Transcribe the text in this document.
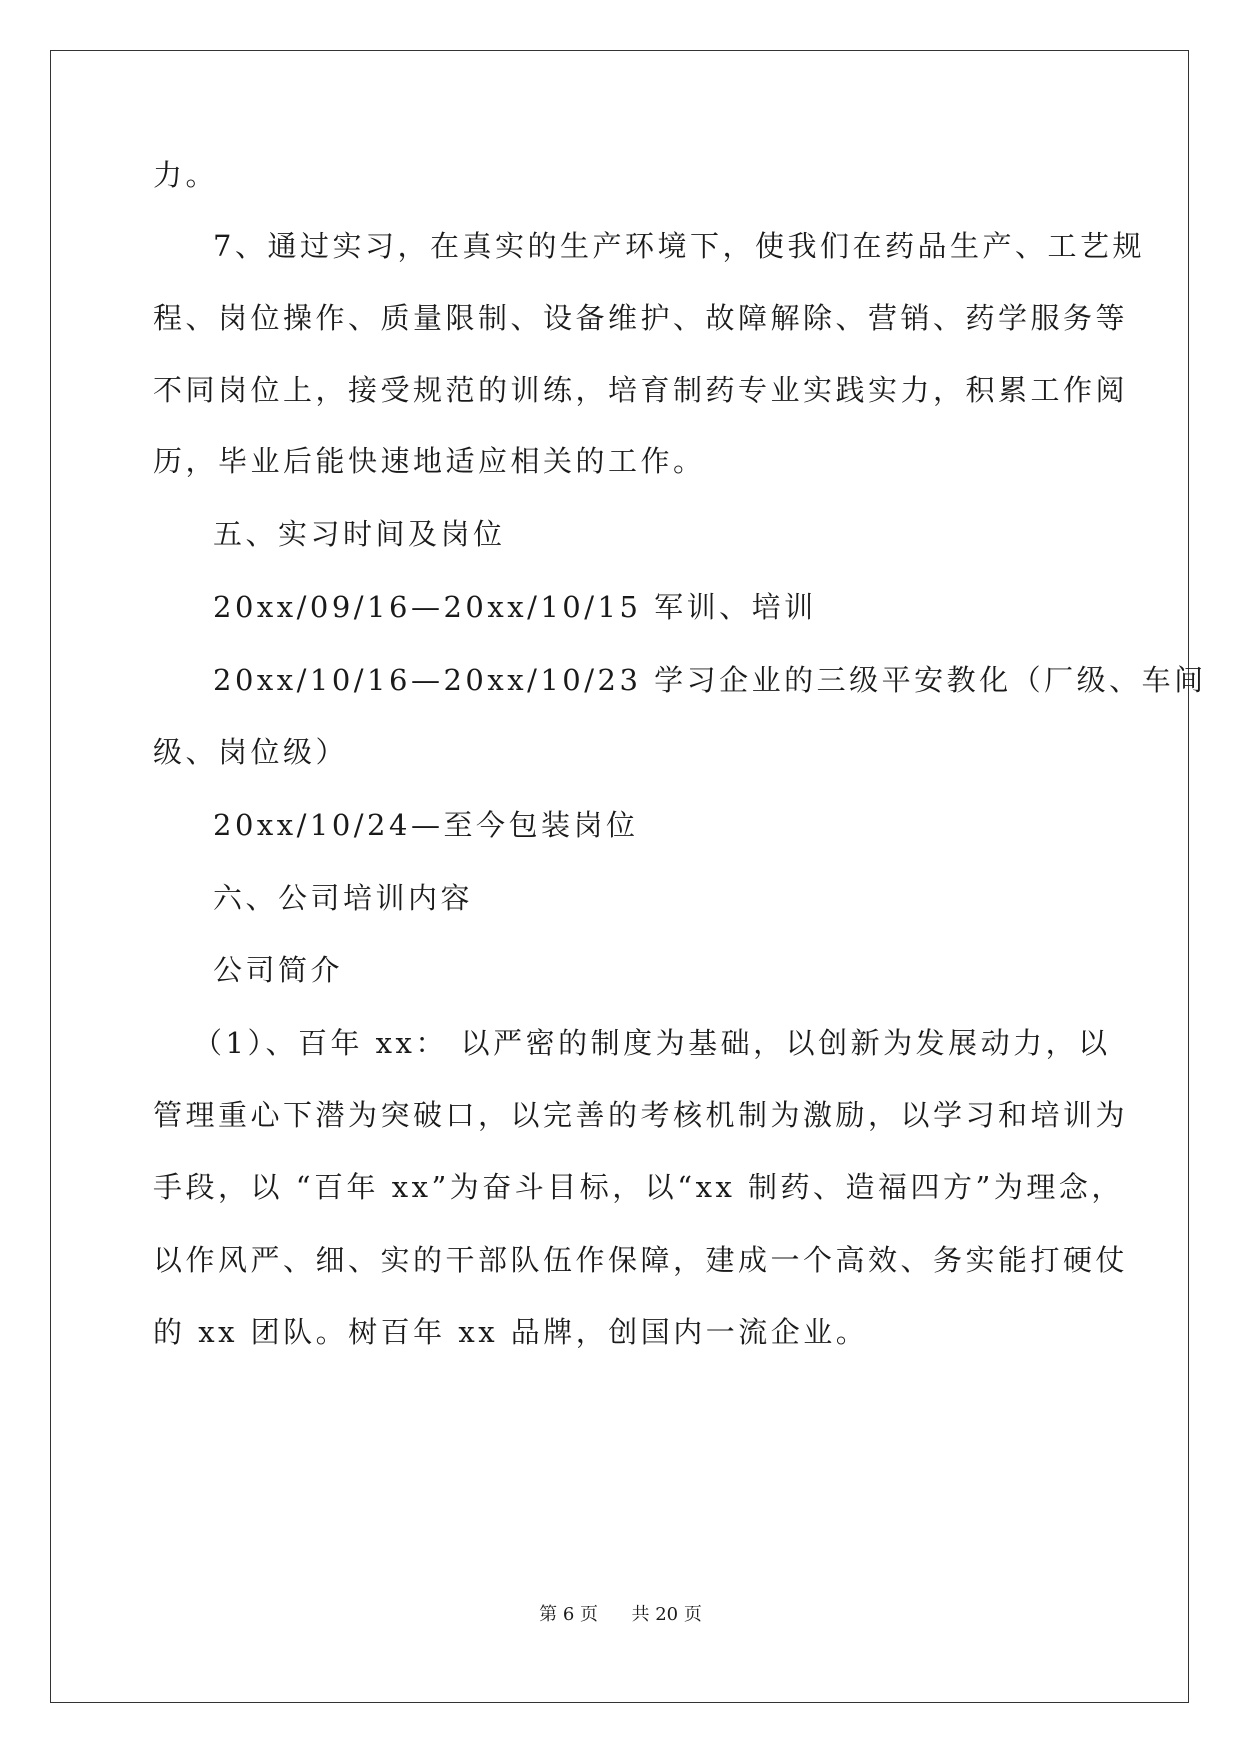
力。
7、通过实习，在真实的生产环境下，使我们在药品生产、工艺规
程、岗位操作、质量限制、设备维护、故障解除、营销、药学服务等
不同岗位上，接受规范的训练，培育制药专业实践实力，积累工作阅
历，毕业后能快速地适应相关的工作。
五、实习时间及岗位
20xx/09/16—20xx/10/15 军训、培训
20xx/10/16—20xx/10/23 学习企业的三级平安教化（厂级、车间
级、岗位级）
20xx/10/24—至今包装岗位
六、公司培训内容
公司简介
（1）、百年 xx： 以严密的制度为基础，以创新为发展动力，以
管理重心下潜为突破口，以完善的考核机制为激励，以学习和培训为
手段，以 “百年 xx”为奋斗目标，以“xx 制药、造福四方”为理念，
以作风严、细、实的干部队伍作保障，建成一个高效、务实能打硬仗
的 xx 团队。树百年 xx 品牌，创国内一流企业。
第 6 页 共 20 页
